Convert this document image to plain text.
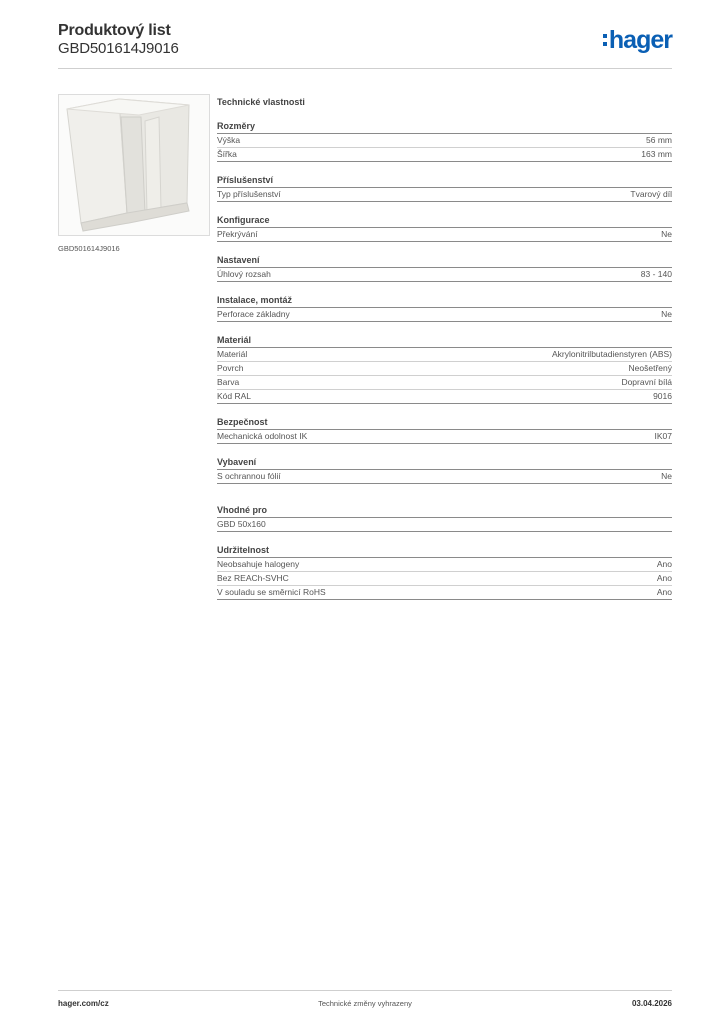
Produktový list
GBD501614J9016	hager
GBD501614J9016
Technické vlastnosti
Rozměry
Výška	56 mm
Šířka	163 mm
Příslušenství
Typ příslušenství	Tvarový díl
Konfigurace
Překrývání	Ne
Nastavení
Úhlový rozsah	83 - 140
Instalace, montáž
Perforace základny	Ne
Materiál
Materiál	Akrylonitrilbutadienstyren (ABS)
Povrch	Neošetřený
Barva	Dopravní bílá
Kód RAL	9016
Bezpečnost
Mechanická odolnost IK	IK07
Vybavení
S ochrannou fólií	Ne
Vhodné pro
GBD 50x160
Udržitelnost
Neobsahuje halogeny	Ano
Bez REACh-SVHC	Ano
V souladu se směrnicí RoHS	Ano
Technické změny vyhrazeny
hager.com/cz	03.04.2026
